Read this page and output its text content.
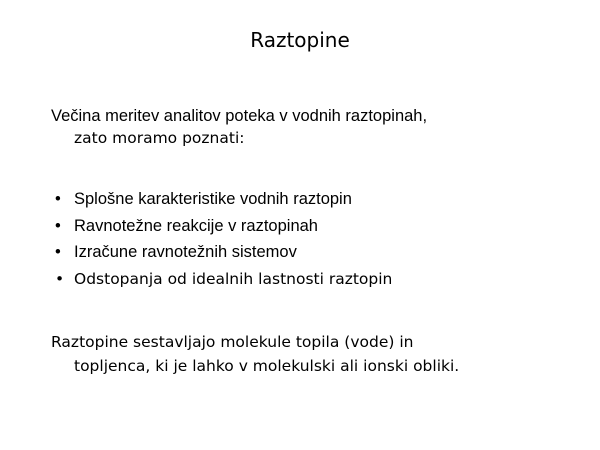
Raztopine
Večina meritev analitov poteka v vodnih raztopinah,
zato moramo poznati:
• Splošne karakteristike vodnih raztopin
• Ravnotežne reakcije v raztopinah
• Izračune ravnotežnih sistemov
• Odstopanja od idealnih lastnosti raztopin
Raztopine sestavljajo molekule topila (vode) in
topljenca, ki je lahko v molekulski ali ionski obliki.
